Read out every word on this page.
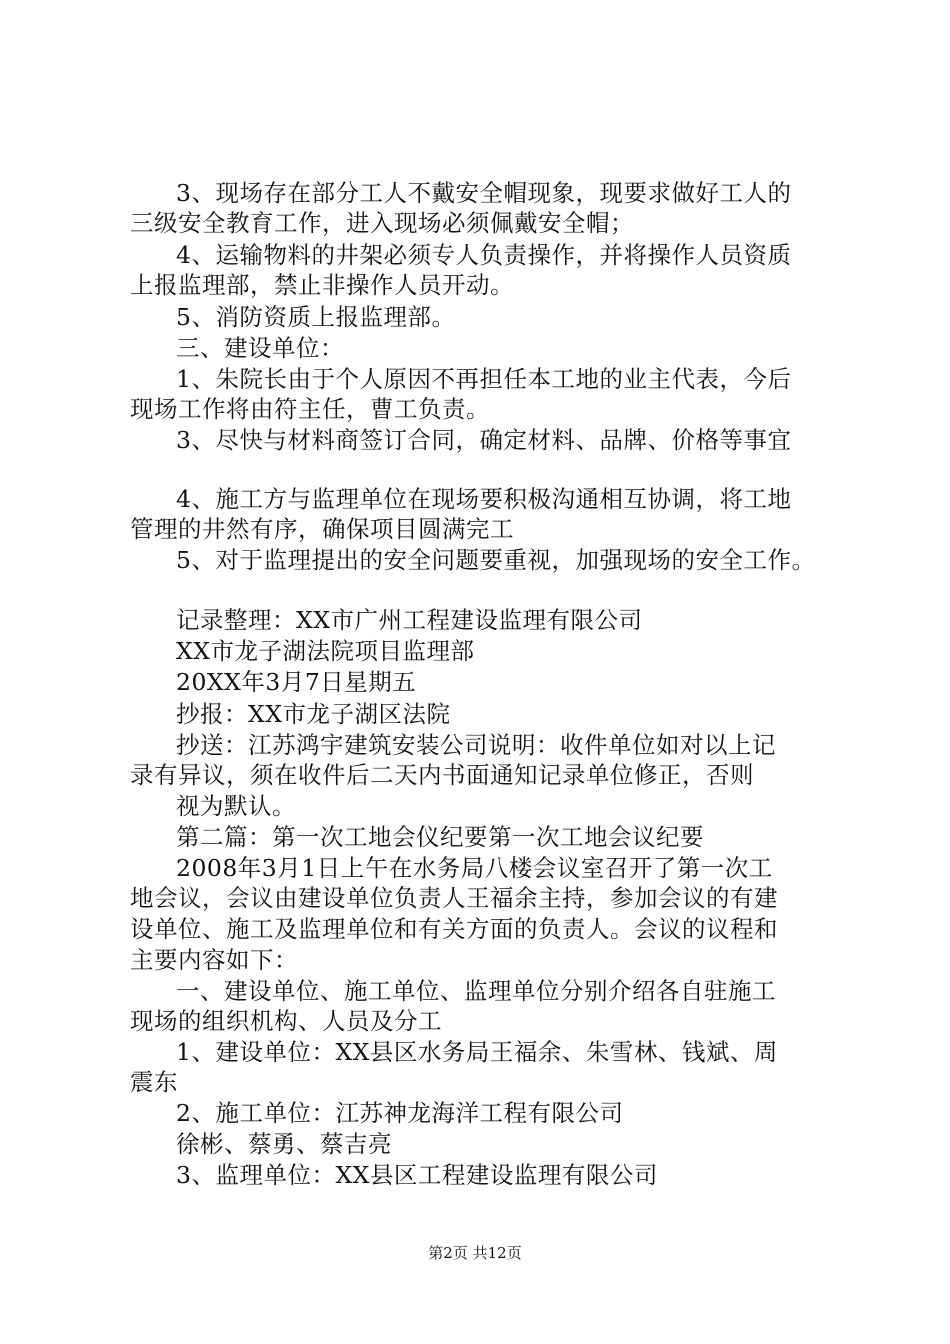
3、现场存在部分工人不戴安全帽现象，现要求做好工人的
三级安全教育工作，进入现场必须佩戴安全帽；
4、运输物料的井架必须专人负责操作，并将操作人员资质
上报监理部，禁止非操作人员开动。
5、消防资质上报监理部。
三、建设单位：
1、朱院长由于个人原因不再担任本工地的业主代表，今后
现场工作将由符主任，曹工负责。
3、尽快与材料商签订合同，确定材料、品牌、价格等事宜
4、施工方与监理单位在现场要积极沟通相互协调，将工地
管理的井然有序，确保项目圆满完工
5、对于监理提出的安全问题要重视，加强现场的安全工作。
记录整理：XX市广州工程建设监理有限公司
XX市龙子湖法院项目监理部
20XX年3月7日星期五
抄报：XX市龙子湖区法院
抄送：江苏鸿宇建筑安装公司说明：收件单位如对以上记
录有异议，须在收件后二天内书面通知记录单位修正，否则
视为默认。
第二篇：第一次工地会仪纪要第一次工地会议纪要
2008年3月1日上午在水务局八楼会议室召开了第一次工
地会议，会议由建设单位负责人王福余主持，参加会议的有建
设单位、施工及监理单位和有关方面的负责人。会议的议程和
主要内容如下：
一、建设单位、施工单位、监理单位分别介绍各自驻施工
现场的组织机构、人员及分工
1、建设单位：XX县区水务局王福余、朱雪林、钱斌、周
震东
2、施工单位：江苏神龙海洋工程有限公司
徐彬、蔡勇、蔡吉亮
3、监理单位：XX县区工程建设监理有限公司
第2页 共12页
